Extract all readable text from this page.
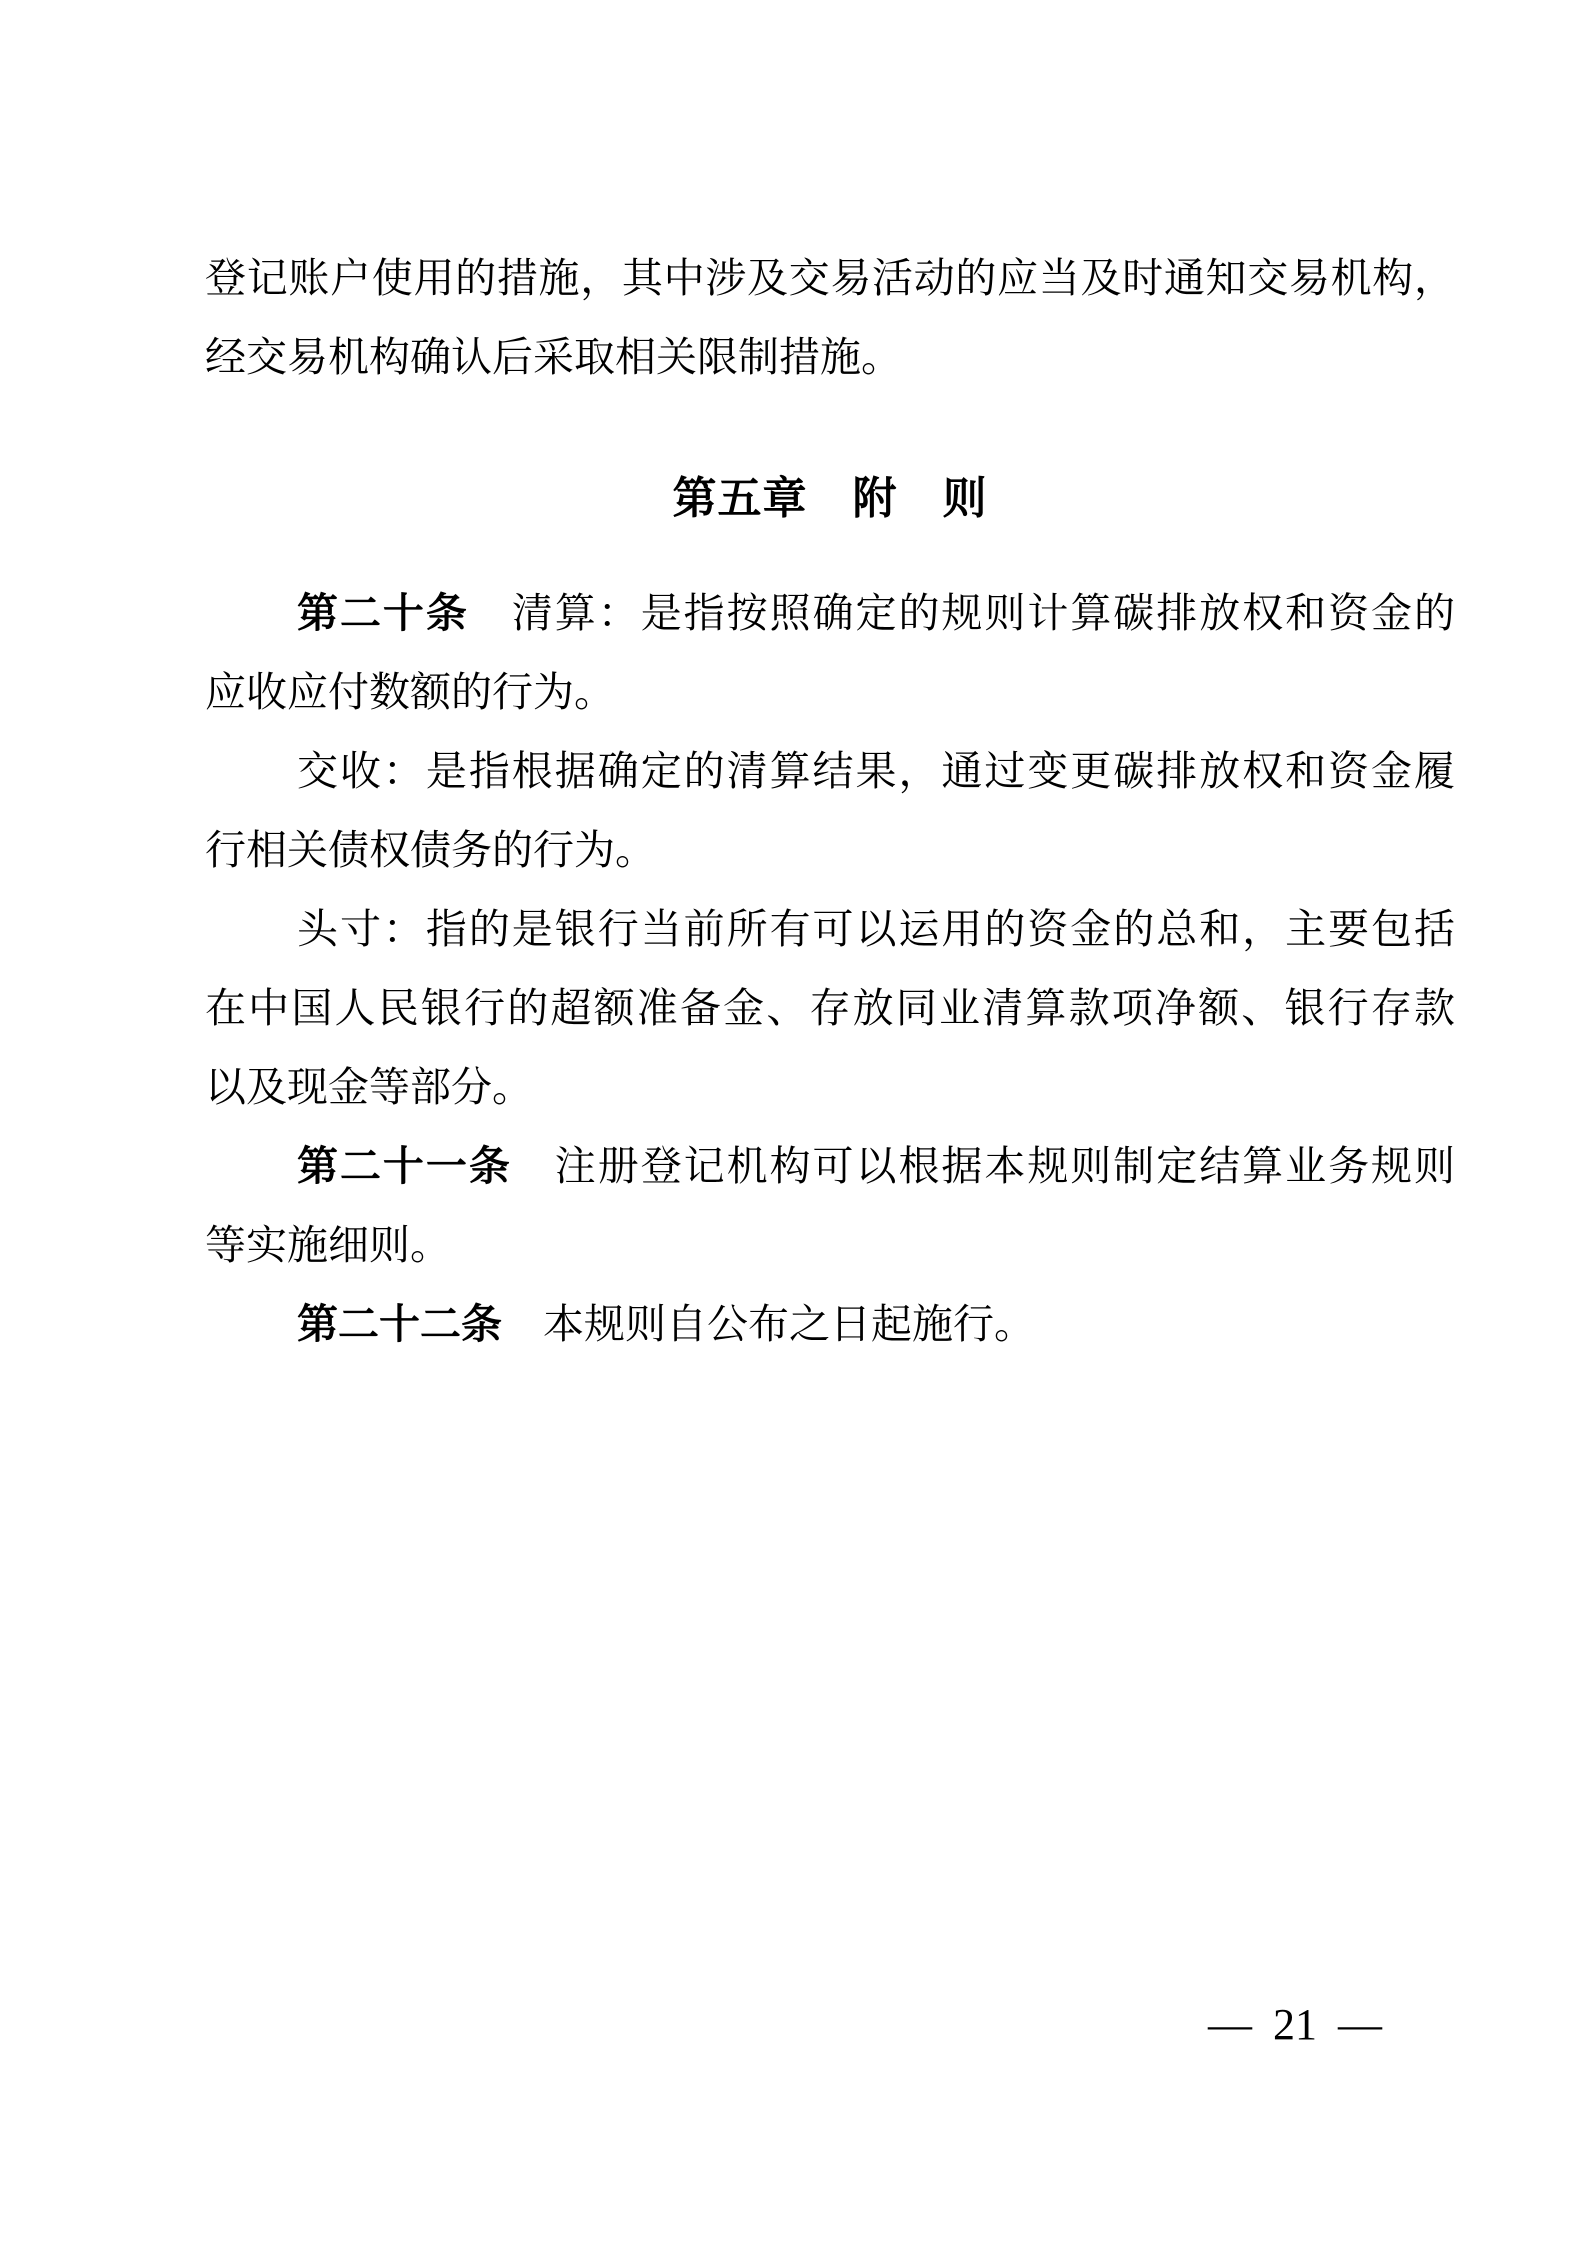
登记账户使用的措施，其中涉及交易活动的应当及时通知交易机构，
经交易机构确认后采取相关限制措施。
第五章　附　则
第二十条　清算：是指按照确定的规则计算碳排放权和资金的
应收应付数额的行为。
交收：是指根据确定的清算结果，通过变更碳排放权和资金履
行相关债权债务的行为。
头寸：指的是银行当前所有可以运用的资金的总和，主要包括
在中国人民银行的超额准备金、存放同业清算款项净额、银行存款
以及现金等部分。
第二十一条　注册登记机构可以根据本规则制定结算业务规则
等实施细则。
第二十二条　本规则自公布之日起施行。
— 21 —
